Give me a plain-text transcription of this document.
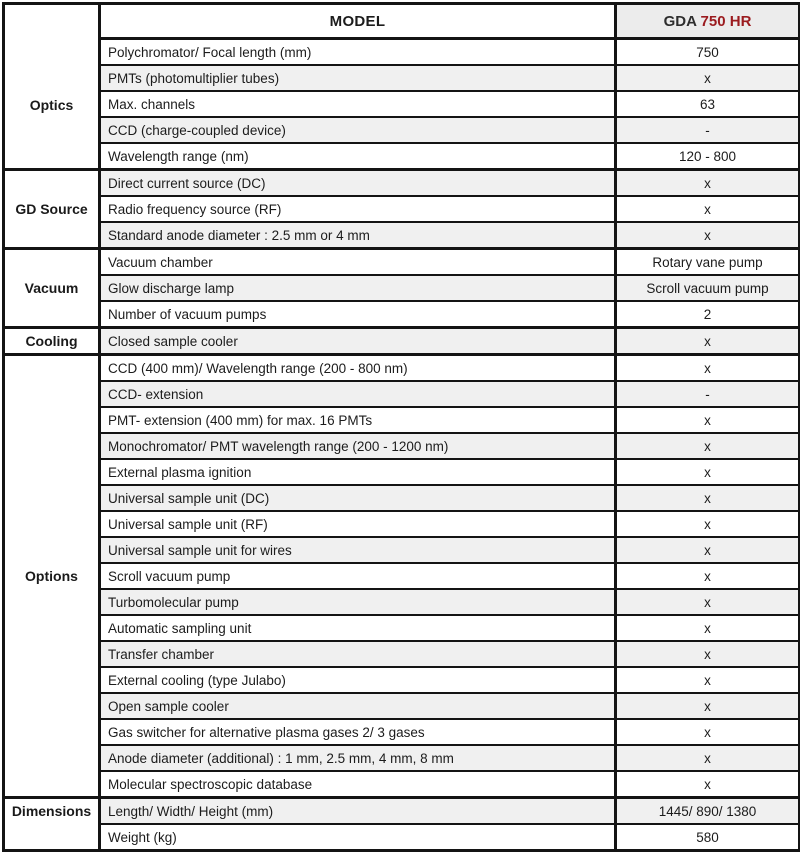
Optics	MODEL	GDA 750 HR
	Polychromator/ Focal length (mm)	750
	PMTs (photomultiplier tubes)	x
	Max. channels	63
	CCD (charge-coupled device)	-
	Wavelength range (nm)	120 - 800
GD Source	Direct current source (DC)	x
	Radio frequency source (RF)	x
	Standard anode diameter : 2.5 mm or 4 mm	x
Vacuum	Vacuum chamber	Rotary vane pump
	Glow discharge lamp	Scroll vacuum pump
	Number of vacuum pumps	2
Cooling	Closed sample cooler	x
Options	CCD (400 mm)/ Wavelength range (200 - 800 nm)	x
	CCD- extension	-
	PMT- extension (400 mm) for max. 16 PMTs	x
	Monochromator/ PMT wavelength range (200 - 1200 nm)	x
	External plasma ignition	x
	Universal sample unit (DC)	x
	Universal sample unit (RF)	x
	Universal sample unit for wires	x
	Scroll vacuum pump	x
	Turbomolecular pump	x
	Automatic sampling unit	x
	Transfer chamber	x
	External cooling (type Julabo)	x
	Open sample cooler	x
	Gas switcher for alternative plasma gases 2/ 3 gases	x
	Anode diameter (additional) : 1 mm, 2.5 mm, 4 mm, 8 mm	x
	Molecular spectroscopic database	x
Dimensions	Length/ Width/ Height (mm)	1445/ 890/ 1380
	Weight (kg)	580
